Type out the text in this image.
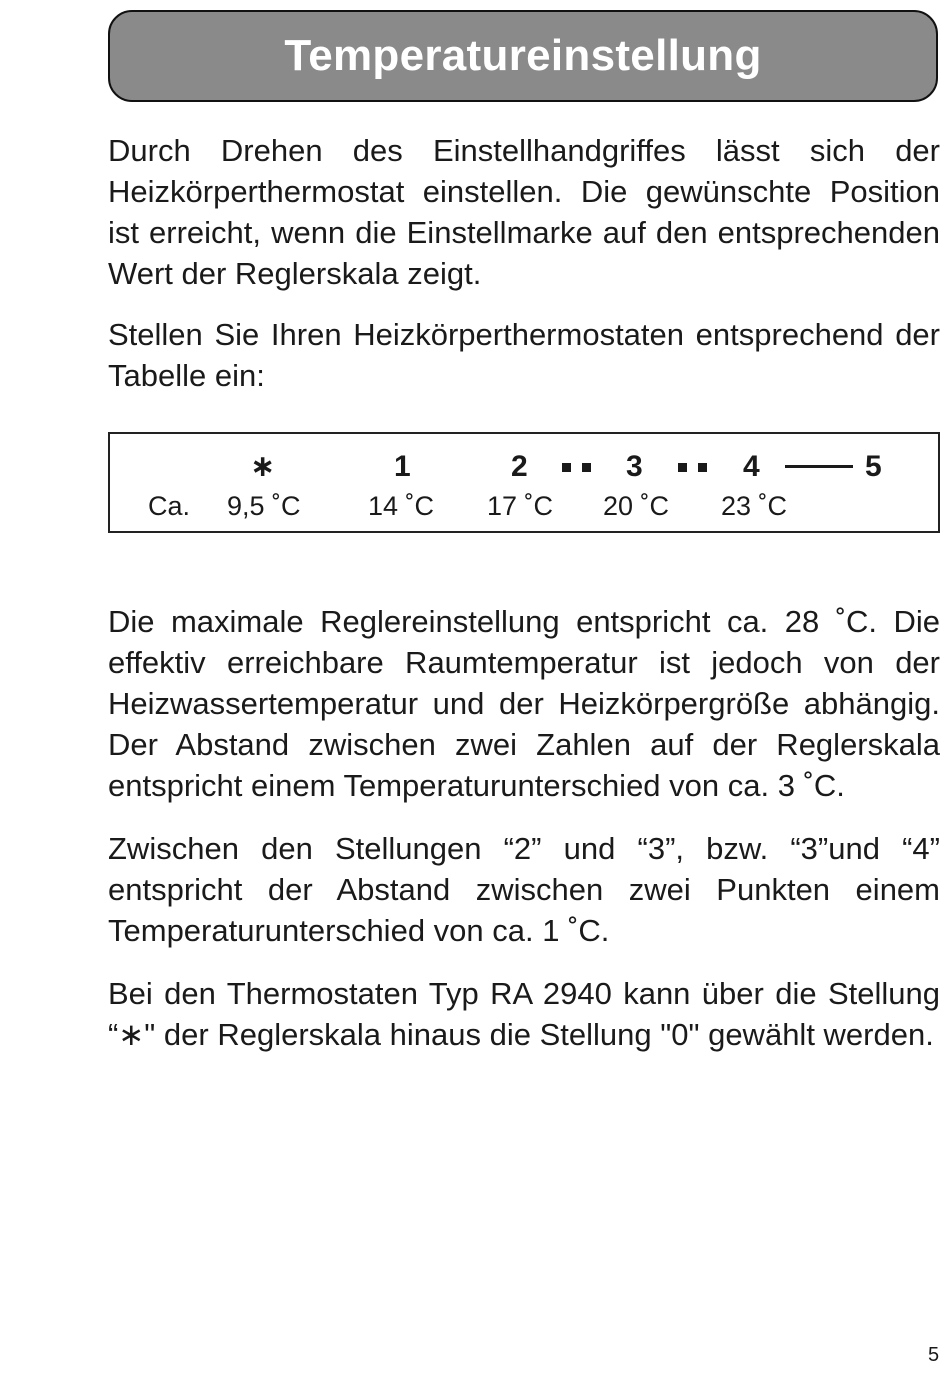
Temperatureinstellung

Durch Drehen des Einstellhandgriffes lässt sich der Heizkörperthermostat einstellen. Die gewünschte Position ist erreicht, wenn die Einstellmarke auf den entsprechenden Wert der Reglerskala zeigt.

Stellen Sie Ihren Heizkörperthermostaten entsprechend der Tabelle ein:

∗	1	2	3	4	5
Ca. 9,5 ˚C 14 ˚C 17 ˚C 20 ˚C 23 ˚C

Die maximale Reglereinstellung entspricht ca. 28 ˚C. Die effektiv erreichbare Raumtemperatur ist jedoch von der Heizwassertemperatur und der Heizkörpergröße abhängig. Der Abstand zwischen zwei Zahlen auf der Reglerskala entspricht einem Temperaturunterschied von ca. 3 ˚C.

Zwischen den Stellungen “2” und “3”, bzw. “3”und “4” entspricht der Abstand zwischen zwei Punkten einem Temperaturunterschied von ca. 1 ˚C.

Bei den Thermostaten Typ RA 2940 kann über die Stellung “∗" der Reglerskala hinaus die Stellung "0" gewählt werden.

5
